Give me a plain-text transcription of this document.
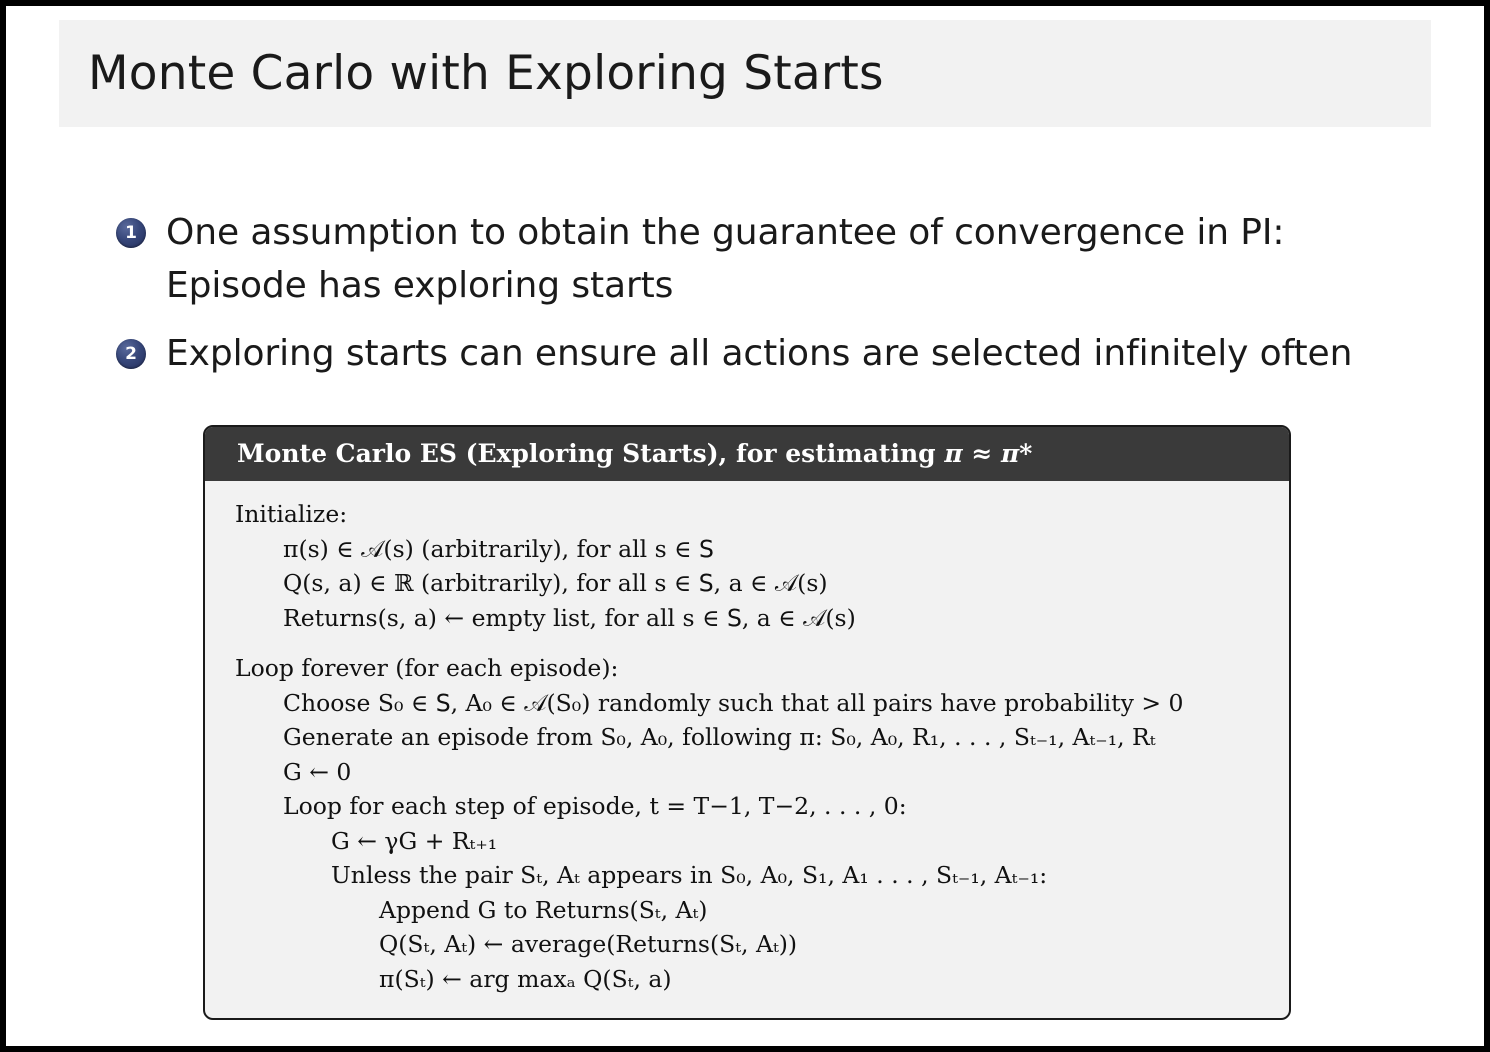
Monte Carlo with Exploring Starts
1 One assumption to obtain the guarantee of convergence in PI: Episode has exploring starts
2 Exploring starts can ensure all actions are selected infinitely often
Monte Carlo ES (Exploring Starts), for estimating π ≈ π*
Initialize:
π(s) ∈ 𝒜(s) (arbitrarily), for all s ∈ 𝖲
Q(s, a) ∈ ℝ (arbitrarily), for all s ∈ 𝖲, a ∈ 𝒜(s)
Returns(s, a) ← empty list, for all s ∈ 𝖲, a ∈ 𝒜(s)
Loop forever (for each episode):
Choose S₀ ∈ 𝖲, A₀ ∈ 𝒜(S₀) randomly such that all pairs have probability > 0
Generate an episode from S₀, A₀, following π: S₀, A₀, R₁, . . . , Sₜ₋₁, Aₜ₋₁, Rₜ
G ← 0
Loop for each step of episode, t = T−1, T−2, . . . , 0:
G ← γG + Rₜ₊₁
Unless the pair Sₜ, Aₜ appears in S₀, A₀, S₁, A₁ . . . , Sₜ₋₁, Aₜ₋₁:
Append G to Returns(Sₜ, Aₜ)
Q(Sₜ, Aₜ) ← average(Returns(Sₜ, Aₜ))
π(Sₜ) ← arg maxₐ Q(Sₜ, a)
